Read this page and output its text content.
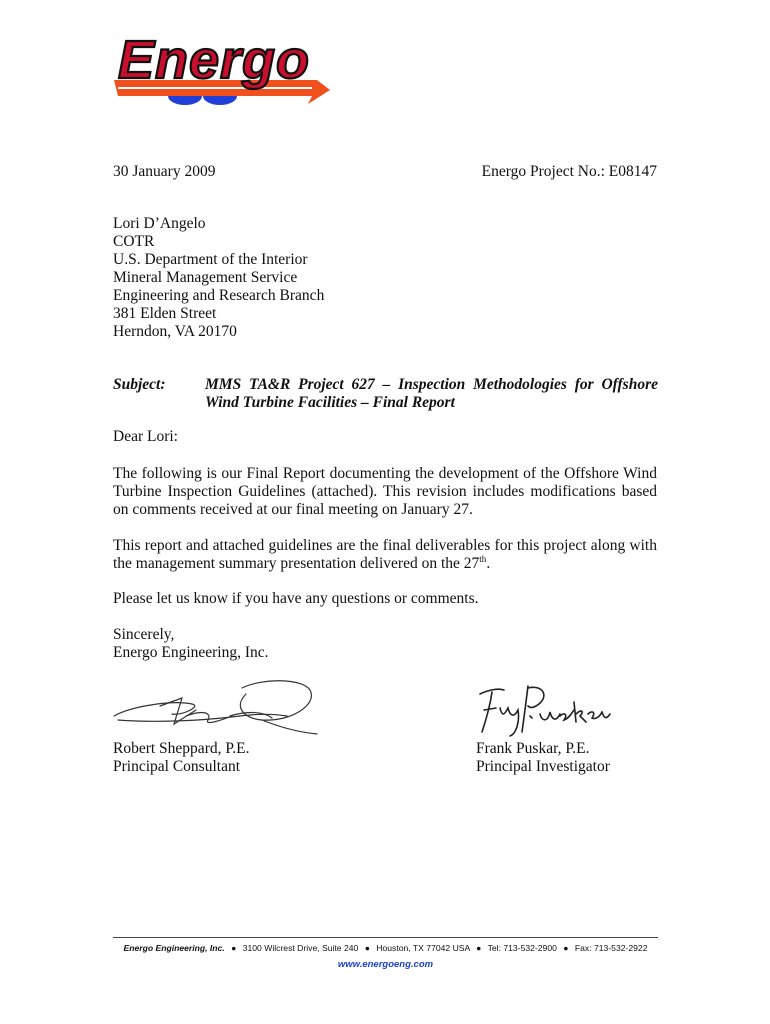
Energo
30 January 2009	Energo Project No.: E08147
Lori D’Angelo
COTR
U.S. Department of the Interior
Mineral Management Service
Engineering and Research Branch
381 Elden Street
Herndon, VA 20170
Subject:	MMS TA&R Project 627 – Inspection Methodologies for Offshore Wind Turbine Facilities – Final Report
Dear Lori:
The following is our Final Report documenting the development of the Offshore Wind Turbine Inspection Guidelines (attached). This revision includes modifications based on comments received at our final meeting on January 27.
This report and attached guidelines are the final deliverables for this project along with the management summary presentation delivered on the 27th.
Please let us know if you have any questions or comments.
Sincerely,
Energo Engineering, Inc.
Robert Sheppard, P.E.
Principal Consultant
Frank Puskar, P.E.
Principal Investigator
Energo Engineering, Inc. ● 3100 Wilcrest Drive, Suite 240 ● Houston, TX 77042 USA ● Tel: 713-532-2900 ● Fax: 713-532-2922
www.energoeng.com
